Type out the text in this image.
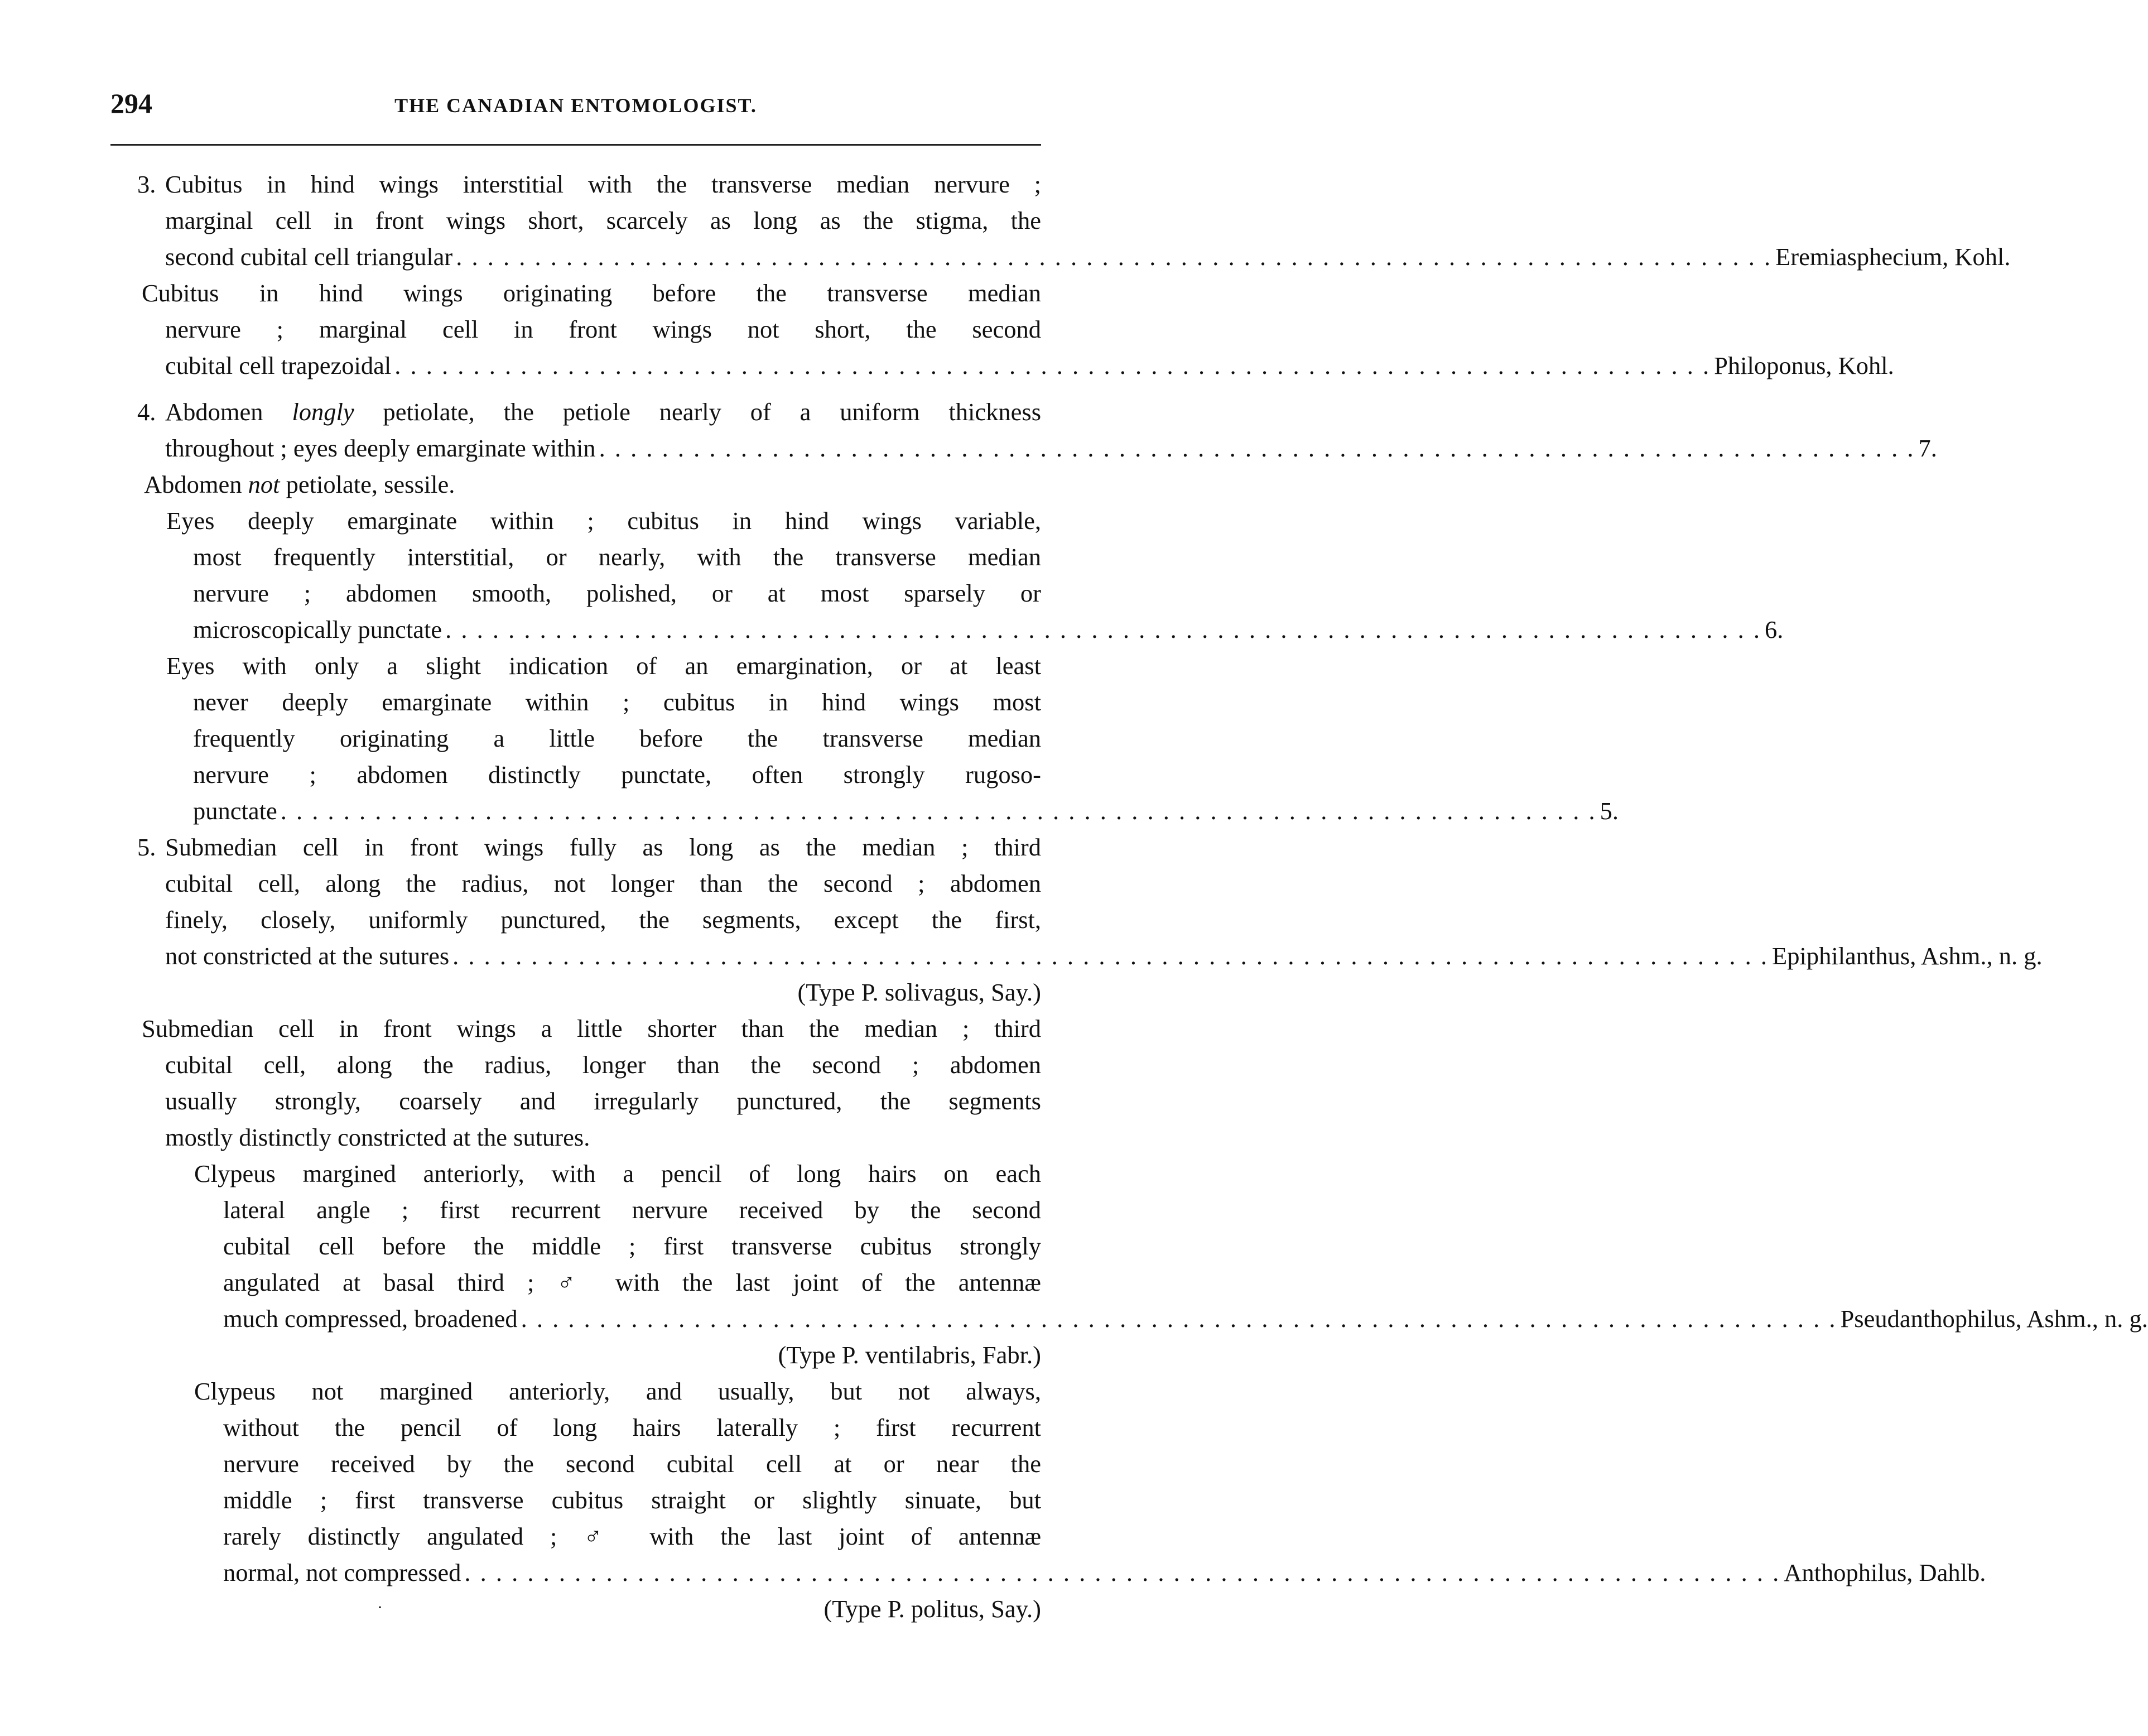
294	THE CANADIAN ENTOMOLOGIST.
3. Cubitus in hind wings interstitial with the transverse median nervure ;
marginal cell in front wings short, scarcely as long as the stigma, the
second cubital cell triangular . . . . . . . . . . . . . . . . . . . . . . . . . . . . . . . . . . . . . . . . . . . . . . . . . . . . . . . . . . . . . . . . . . . . . . . . . . . . . . . . . . . . Eremiasphecium, Kohl.
Cubitus in hind wings originating before the transverse median
nervure ; marginal cell in front wings not short, the second
cubital cell trapezoidal . . . . . . . . . . . . . . . . . . . . . . . . . . . . . . . . . . . . . . . . . . . . . . . . . . . . . . . . . . . . . . . . . . . . . . . . . . . . . . . . . . . . Philoponus, Kohl.
4. Abdomen longly petiolate, the petiole nearly of a uniform thickness
throughout ; eyes deeply emarginate within . . . . . . . . . . . . . . . . . . . . . . . . . . . . . . . . . . . . . . . . . . . . . . . . . . . . . . . . . . . . . . . . . . . . . . . . . . . . . . . . . . . . 7.
Abdomen not petiolate, sessile.
Eyes deeply emarginate within ; cubitus in hind wings variable,
most frequently interstitial, or nearly, with the transverse median
nervure ; abdomen smooth, polished, or at most sparsely or
microscopically punctate . . . . . . . . . . . . . . . . . . . . . . . . . . . . . . . . . . . . . . . . . . . . . . . . . . . . . . . . . . . . . . . . . . . . . . . . . . . . . . . . . . . . 6.
Eyes with only a slight indication of an emargination, or at least
never deeply emarginate within ; cubitus in hind wings most
frequently originating a little before the transverse median
nervure ; abdomen distinctly punctate, often strongly rugoso-
punctate . . . . . . . . . . . . . . . . . . . . . . . . . . . . . . . . . . . . . . . . . . . . . . . . . . . . . . . . . . . . . . . . . . . . . . . . . . . . . . . . . . . . 5.
5. Submedian cell in front wings fully as long as the median ; third
cubital cell, along the radius, not longer than the second ; abdomen
finely, closely, uniformly punctured, the segments, except the first,
not constricted at the sutures . . . . . . . . . . . . . . . . . . . . . . . . . . . . . . . . . . . . . . . . . . . . . . . . . . . . . . . . . . . . . . . . . . . . . . . . . . . . . . . . . . . . Epiphilanthus, Ashm., n. g.
(Type P. solivagus, Say.)
Submedian cell in front wings a little shorter than the median ; third
cubital cell, along the radius, longer than the second ; abdomen
usually strongly, coarsely and irregularly punctured, the segments
mostly distinctly constricted at the sutures.
Clypeus margined anteriorly, with a pencil of long hairs on each
lateral angle ; first recurrent nervure received by the second
cubital cell before the middle ; first transverse cubitus strongly
angulated at basal third ; ♂ with the last joint of the antennæ
much compressed, broadened . . . . . . . . . . . . . . . . . . . . . . . . . . . . . . . . . . . . . . . . . . . . . . . . . . . . . . . . . . . . . . . . . . . . . . . . . . . . . . . . . . . . Pseudanthophilus, Ashm., n. g.
(Type P. ventilabris, Fabr.)
Clypeus not margined anteriorly, and usually, but not always,
without the pencil of long hairs laterally ; first recurrent
nervure received by the second cubital cell at or near the
middle ; first transverse cubitus straight or slightly sinuate, but
rarely distinctly angulated ; ♂ with the last joint of antennæ
normal, not compressed . . . . . . . . . . . . . . . . . . . . . . . . . . . . . . . . . . . . . . . . . . . . . . . . . . . . . . . . . . . . . . . . . . . . . . . . . . . . . . . . . . . . Anthophilus, Dahlb.
·	(Type P. politus, Say.)
